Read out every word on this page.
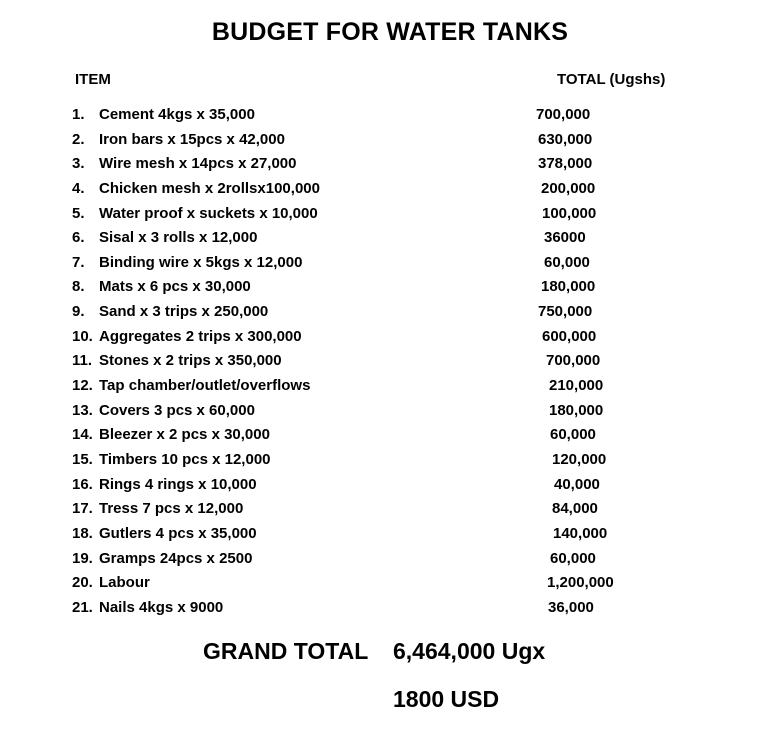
BUDGET FOR WATER TANKS
ITEM	TOTAL (Ugshs)
1. Cement 4kgs x 35,000	700,000
2. Iron bars x 15pcs x 42,000	630,000
3. Wire mesh x 14pcs x 27,000	378,000
4. Chicken mesh x 2rollsx100,000	200,000
5. Water proof x suckets x 10,000	100,000
6. Sisal x 3 rolls x 12,000	36000
7. Binding wire x 5kgs x 12,000	60,000
8. Mats x 6 pcs x 30,000	180,000
9. Sand x 3 trips x 250,000	750,000
10. Aggregates 2 trips x 300,000	600,000
11. Stones x 2 trips x 350,000	700,000
12. Tap chamber/outlet/overflows	210,000
13. Covers 3 pcs x 60,000	180,000
14. Bleezer x 2 pcs x 30,000	60,000
15. Timbers 10 pcs x 12,000	120,000
16. Rings 4 rings x 10,000	40,000
17. Tress 7 pcs x 12,000	84,000
18. Gutlers 4 pcs x 35,000	140,000
19. Gramps 24pcs x 2500	60,000
20. Labour	1,200,000
21. Nails 4kgs x 9000	36,000
GRAND TOTAL 6,464,000 Ugx
1800 USD
